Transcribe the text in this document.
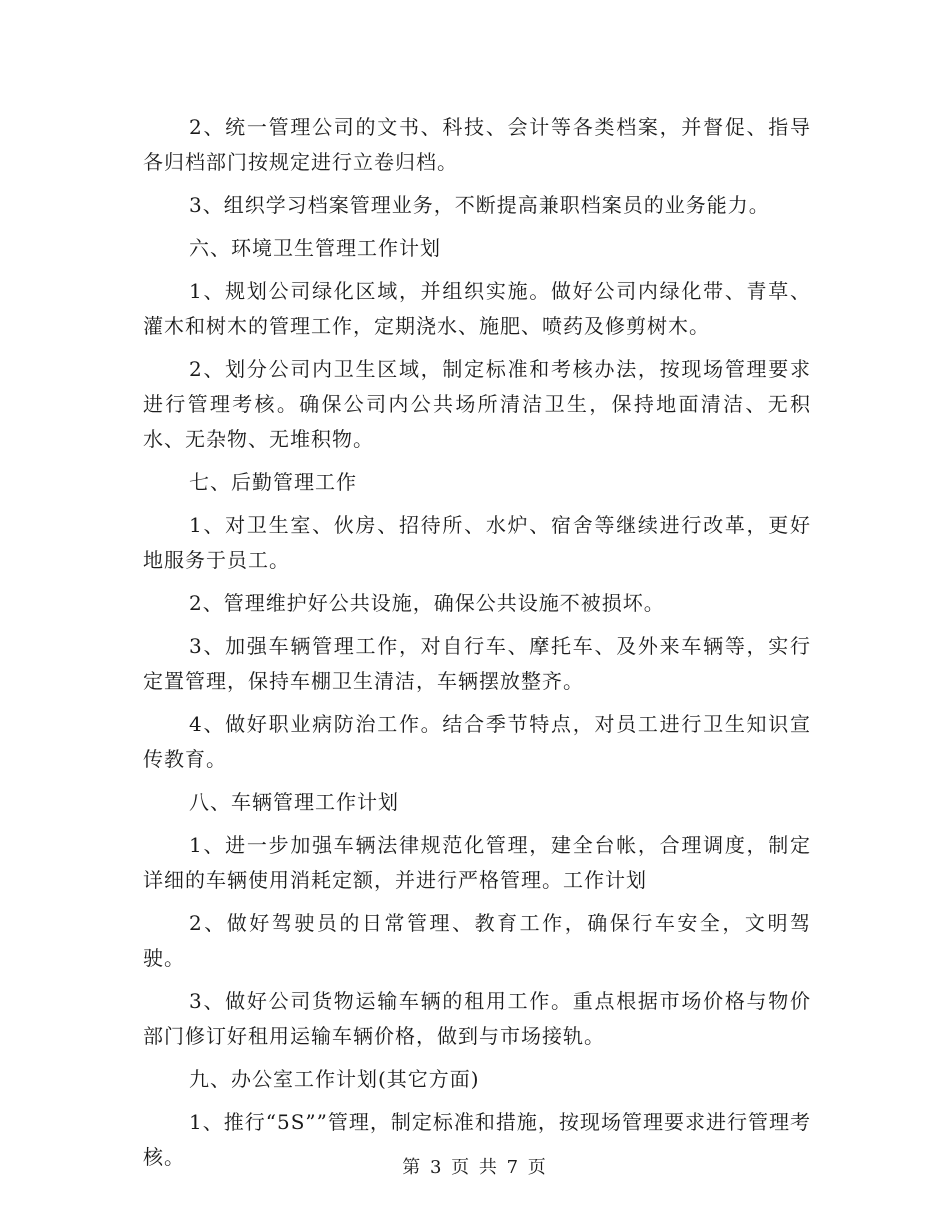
2、统一管理公司的文书、科技、会计等各类档案，并督促、指导各归档部门按规定进行立卷归档。

3、组织学习档案管理业务，不断提高兼职档案员的业务能力。

六、环境卫生管理工作计划

1、规划公司绿化区域，并组织实施。做好公司内绿化带、青草、灌木和树木的管理工作，定期浇水、施肥、喷药及修剪树木。

2、划分公司内卫生区域，制定标准和考核办法，按现场管理要求进行管理考核。确保公司内公共场所清洁卫生，保持地面清洁、无积水、无杂物、无堆积物。

七、后勤管理工作

1、对卫生室、伙房、招待所、水炉、宿舍等继续进行改革，更好地服务于员工。

2、管理维护好公共设施，确保公共设施不被损坏。

3、加强车辆管理工作，对自行车、摩托车、及外来车辆等，实行定置管理，保持车棚卫生清洁，车辆摆放整齐。

4、做好职业病防治工作。结合季节特点，对员工进行卫生知识宣传教育。

八、车辆管理工作计划

1、进一步加强车辆法律规范化管理，建全台帐，合理调度，制定详细的车辆使用消耗定额，并进行严格管理。工作计划

2、做好驾驶员的日常管理、教育工作，确保行车安全，文明驾驶。

3、做好公司货物运输车辆的租用工作。重点根据市场价格与物价部门修订好租用运输车辆价格，做到与市场接轨。

九、办公室工作计划(其它方面)

1、推行“5S””管理，制定标准和措施，按现场管理要求进行管理考核。	第 3 页 共 7 页
